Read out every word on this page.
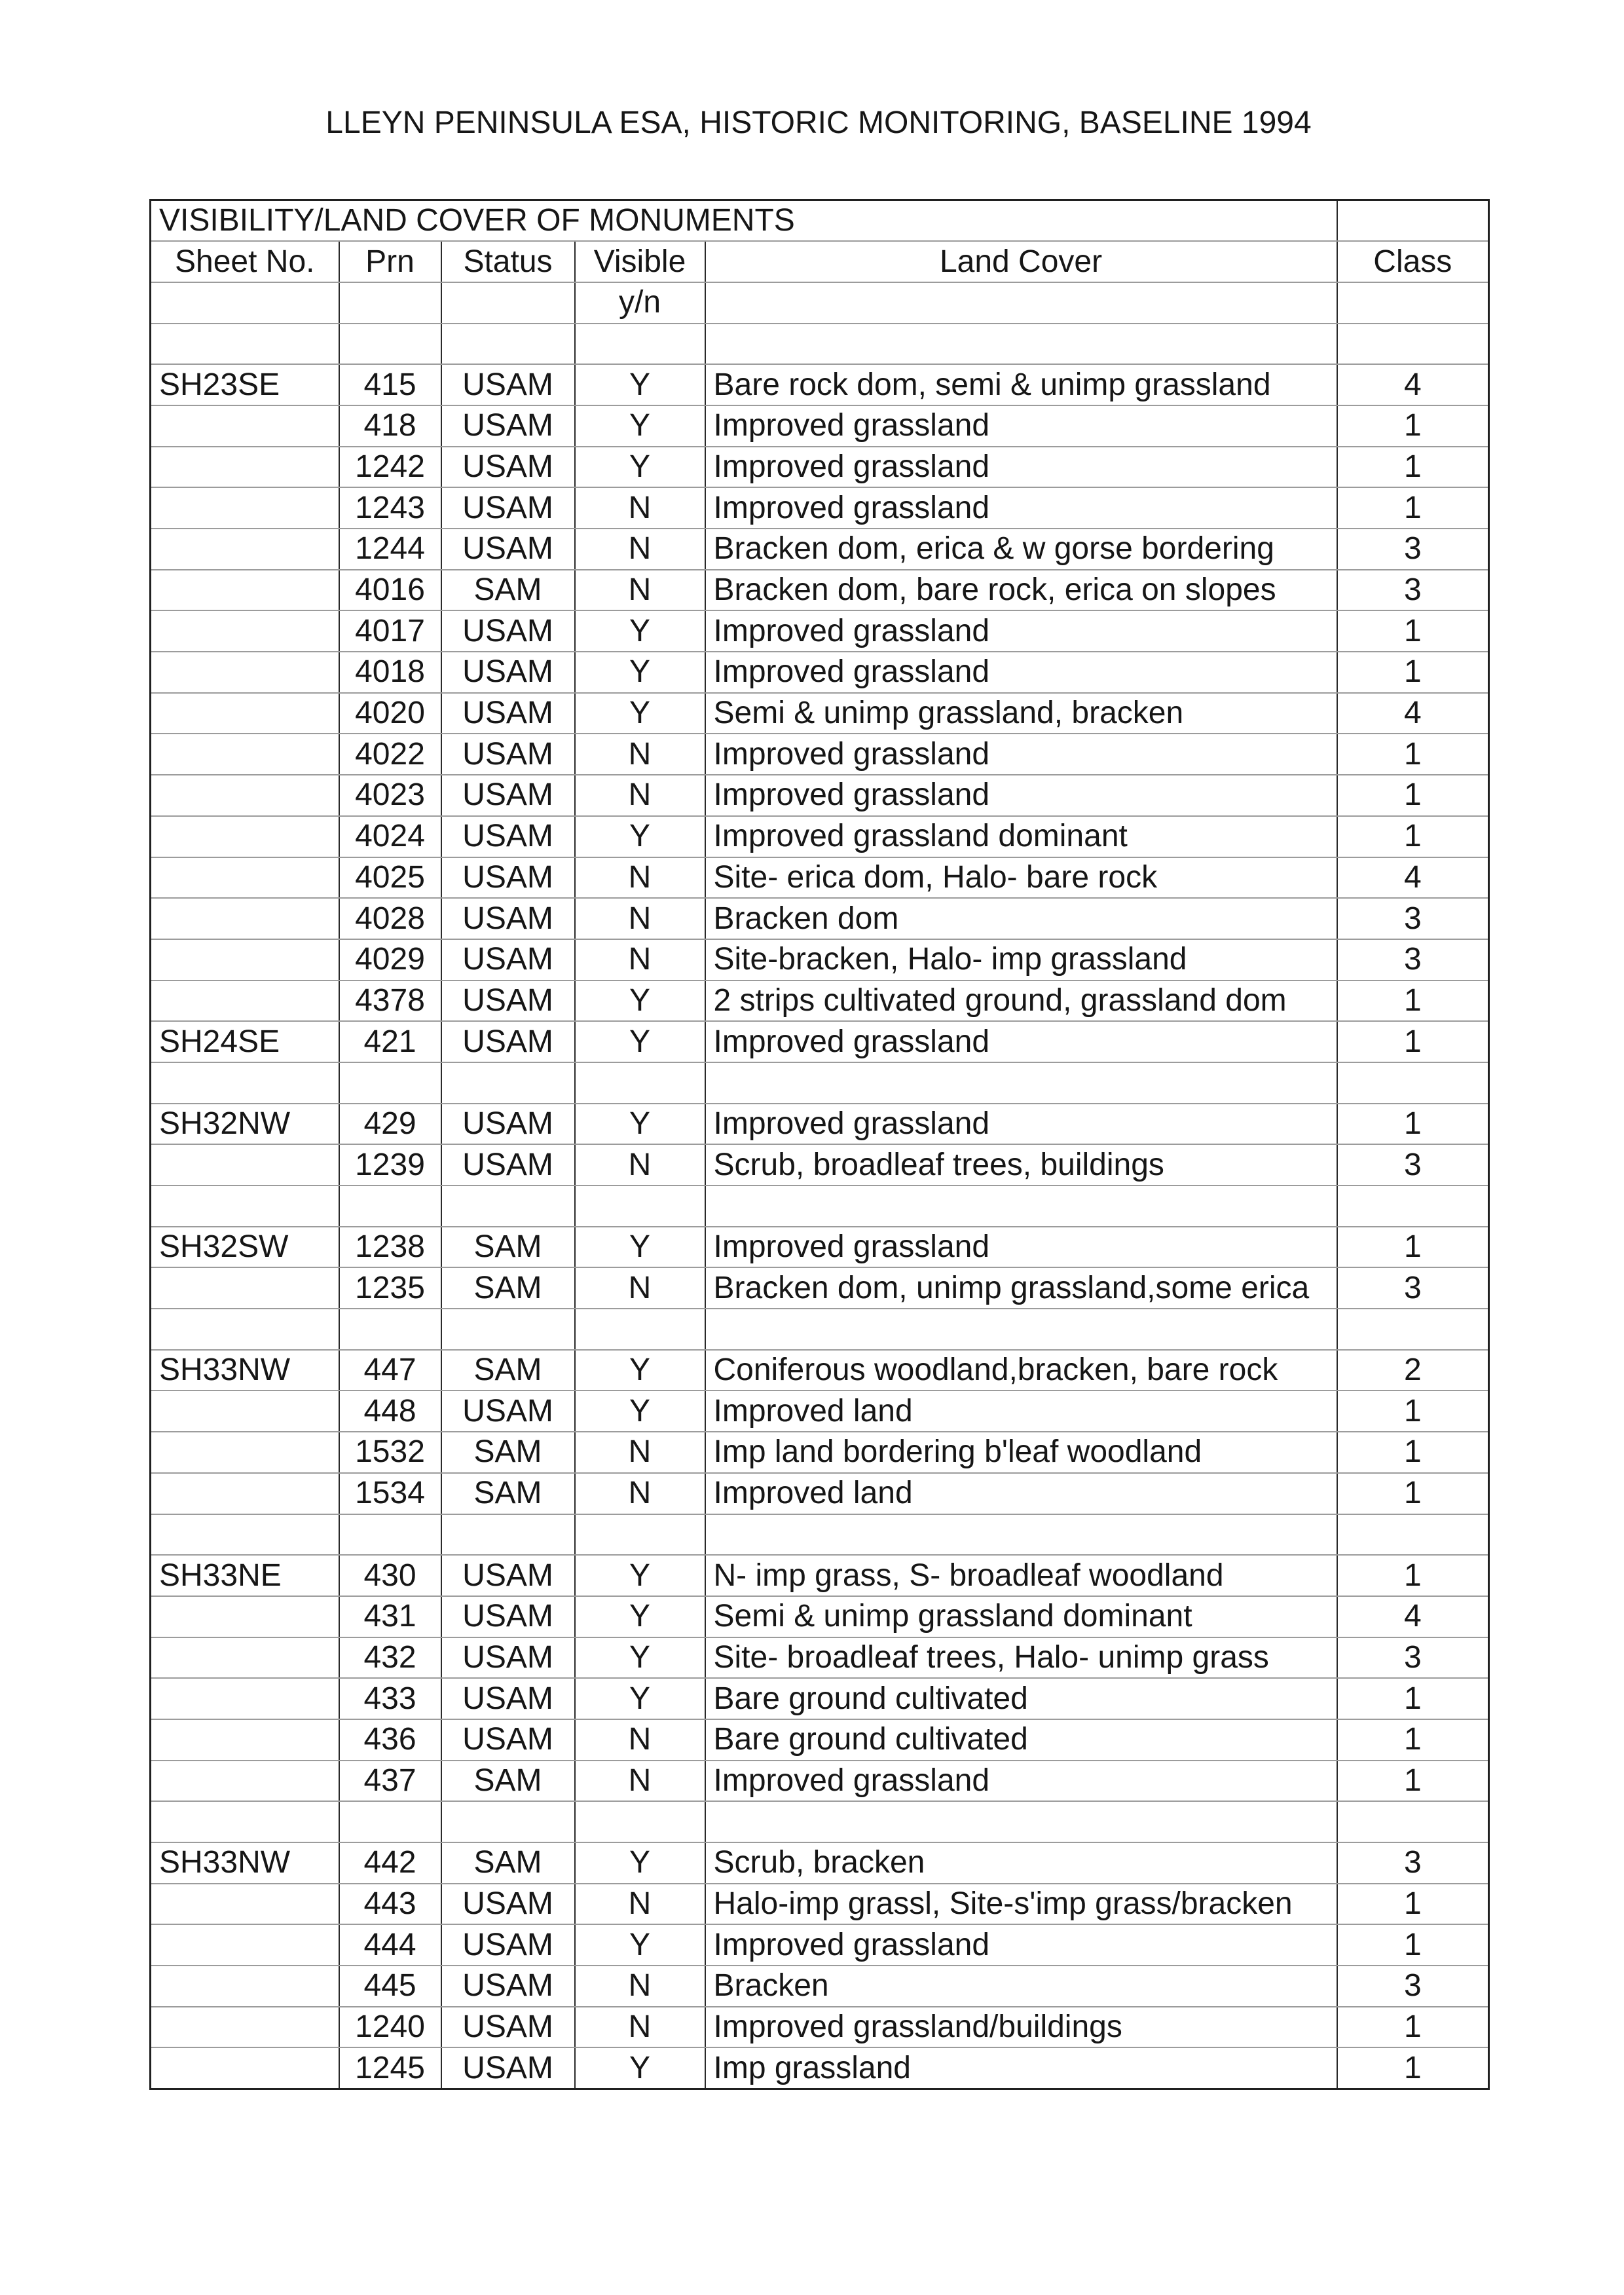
LLEYN PENINSULA ESA, HISTORIC MONITORING, BASELINE 1994
VISIBILITY/LAND COVER OF MONUMENTS					
Sheet No.	Prn	Status	Visible	Land Cover	Class
			y/n		

SH23SE	415	USAM	Y	Bare rock dom, semi & unimp grassland	4
	418	USAM	Y	Improved grassland	1
	1242	USAM	Y	Improved grassland	1
	1243	USAM	N	Improved grassland	1
	1244	USAM	N	Bracken dom, erica & w gorse bordering	3
	4016	SAM	N	Bracken dom, bare rock, erica on slopes	3
	4017	USAM	Y	Improved grassland	1
	4018	USAM	Y	Improved grassland	1
	4020	USAM	Y	Semi & unimp grassland, bracken	4
	4022	USAM	N	Improved grassland	1
	4023	USAM	N	Improved grassland	1
	4024	USAM	Y	Improved grassland dominant	1
	4025	USAM	N	Site- erica dom, Halo- bare rock	4
	4028	USAM	N	Bracken dom	3
	4029	USAM	N	Site-bracken, Halo- imp grassland	3
	4378	USAM	Y	2 strips cultivated ground, grassland dom	1
SH24SE	421	USAM	Y	Improved grassland	1

SH32NW	429	USAM	Y	Improved grassland	1
	1239	USAM	N	Scrub, broadleaf trees, buildings	3

SH32SW	1238	SAM	Y	Improved grassland	1
	1235	SAM	N	Bracken dom, unimp grassland,some erica	3

SH33NW	447	SAM	Y	Coniferous woodland,bracken, bare rock	2
	448	USAM	Y	Improved land	1
	1532	SAM	N	Imp land bordering b'leaf woodland	1
	1534	SAM	N	Improved land	1

SH33NE	430	USAM	Y	N- imp grass, S- broadleaf woodland	1
	431	USAM	Y	Semi & unimp grassland dominant	4
	432	USAM	Y	Site- broadleaf trees, Halo- unimp grass	3
	433	USAM	Y	Bare ground cultivated	1
	436	USAM	N	Bare ground cultivated	1
	437	SAM	N	Improved grassland	1

SH33NW	442	SAM	Y	Scrub, bracken	3
	443	USAM	N	Halo-imp grassl, Site-s'imp grass/bracken	1
	444	USAM	Y	Improved grassland	1
	445	USAM	N	Bracken	3
	1240	USAM	N	Improved grassland/buildings	1
	1245	USAM	Y	Imp grassland	1
